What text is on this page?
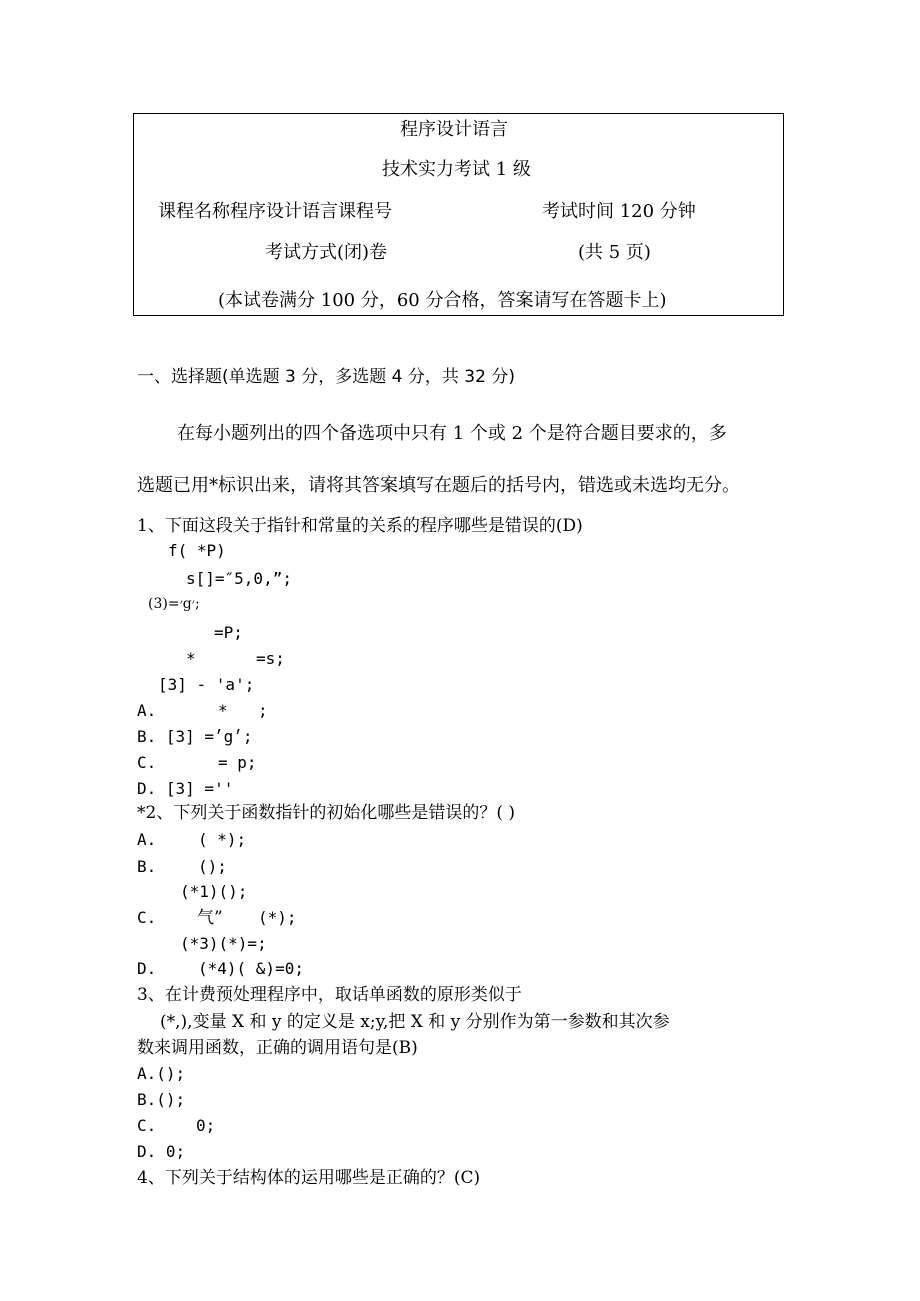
程序设计语言
技术实力考试 1 级
课程名称程序设计语言课程号	考试时间 120 分钟
考试方式(闭)卷	(共 5 页)
(本试卷满分 100 分，60 分合格，答案请写在答题卡上)
一、选择题(单选题 3 分，多选题 4 分，共 32 分)
在每小题列出的四个备选项中只有 1 个或 2 个是符合题目要求的，多
选题已用*标识出来，请将其答案填写在题后的括号内，错选或未选均无分。
1、下面这段关于指针和常量的关系的程序哪些是错误的(D)
f( *P)
s[]=″5,0,”;
(3)=׳g׳;
=P;
*	=s;
[3] - 'a';
A.	* ;
B. [3] =׳g׳;
C.	= p;
D. [3] =''
*2、下列关于函数指针的初始化哪些是错误的？( )
A.	( *);
B.	();
(*1)();
C. 气” (*);
(*3)(*)=;
D.	(*4)( &)=0;
3、在计费预处理程序中，取话单函数的原形类似于
(*,),变量 X 和 y 的定义是 x;y,把 X 和 y 分别作为第一参数和其次参
数来调用函数，正确的调用语句是(B)
A.();
B.();
C. 0;
D. 0;
4、下列关于结构体的运用哪些是正确的？(C)
